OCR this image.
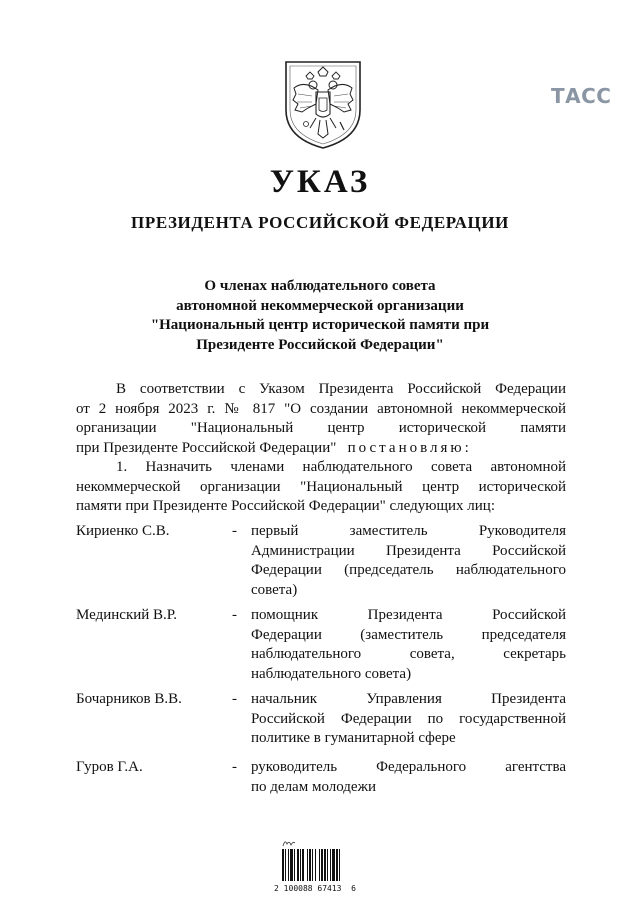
ТАСС
УКАЗ
ПРЕЗИДЕНТА РОССИЙСКОЙ ФЕДЕРАЦИИ
О членах наблюдательного совета
автономной некоммерческой организации
"Национальный центр исторической памяти при
Президенте Российской Федерации"
В соответствии с Указом Президента Российской Федерации
от 2 ноября 2023 г. № 817 "О создании автономной некоммерческой
организации "Национальный центр исторической памяти
при Президенте Российской Федерации" постановляю:
1. Назначить членами наблюдательного совета автономной
некоммерческой организации "Национальный центр исторической
памяти при Президенте Российской Федерации" следующих лиц:
Кириенко С.В.	- первый заместитель Руководителя
Администрации Президента Российской
Федерации (председатель наблюдательного
совета)
Мединский В.Р.	- помощник Президента Российской
Федерации (заместитель председателя
наблюдательного совета, секретарь
наблюдательного совета)
Бочарников В.В.	- начальник Управления Президента
Российской Федерации по государственной
политике в гуманитарной сфере
Гуров Г.А.	- руководитель Федерального агентства
по делам молодежи
2 100088 67413  6
